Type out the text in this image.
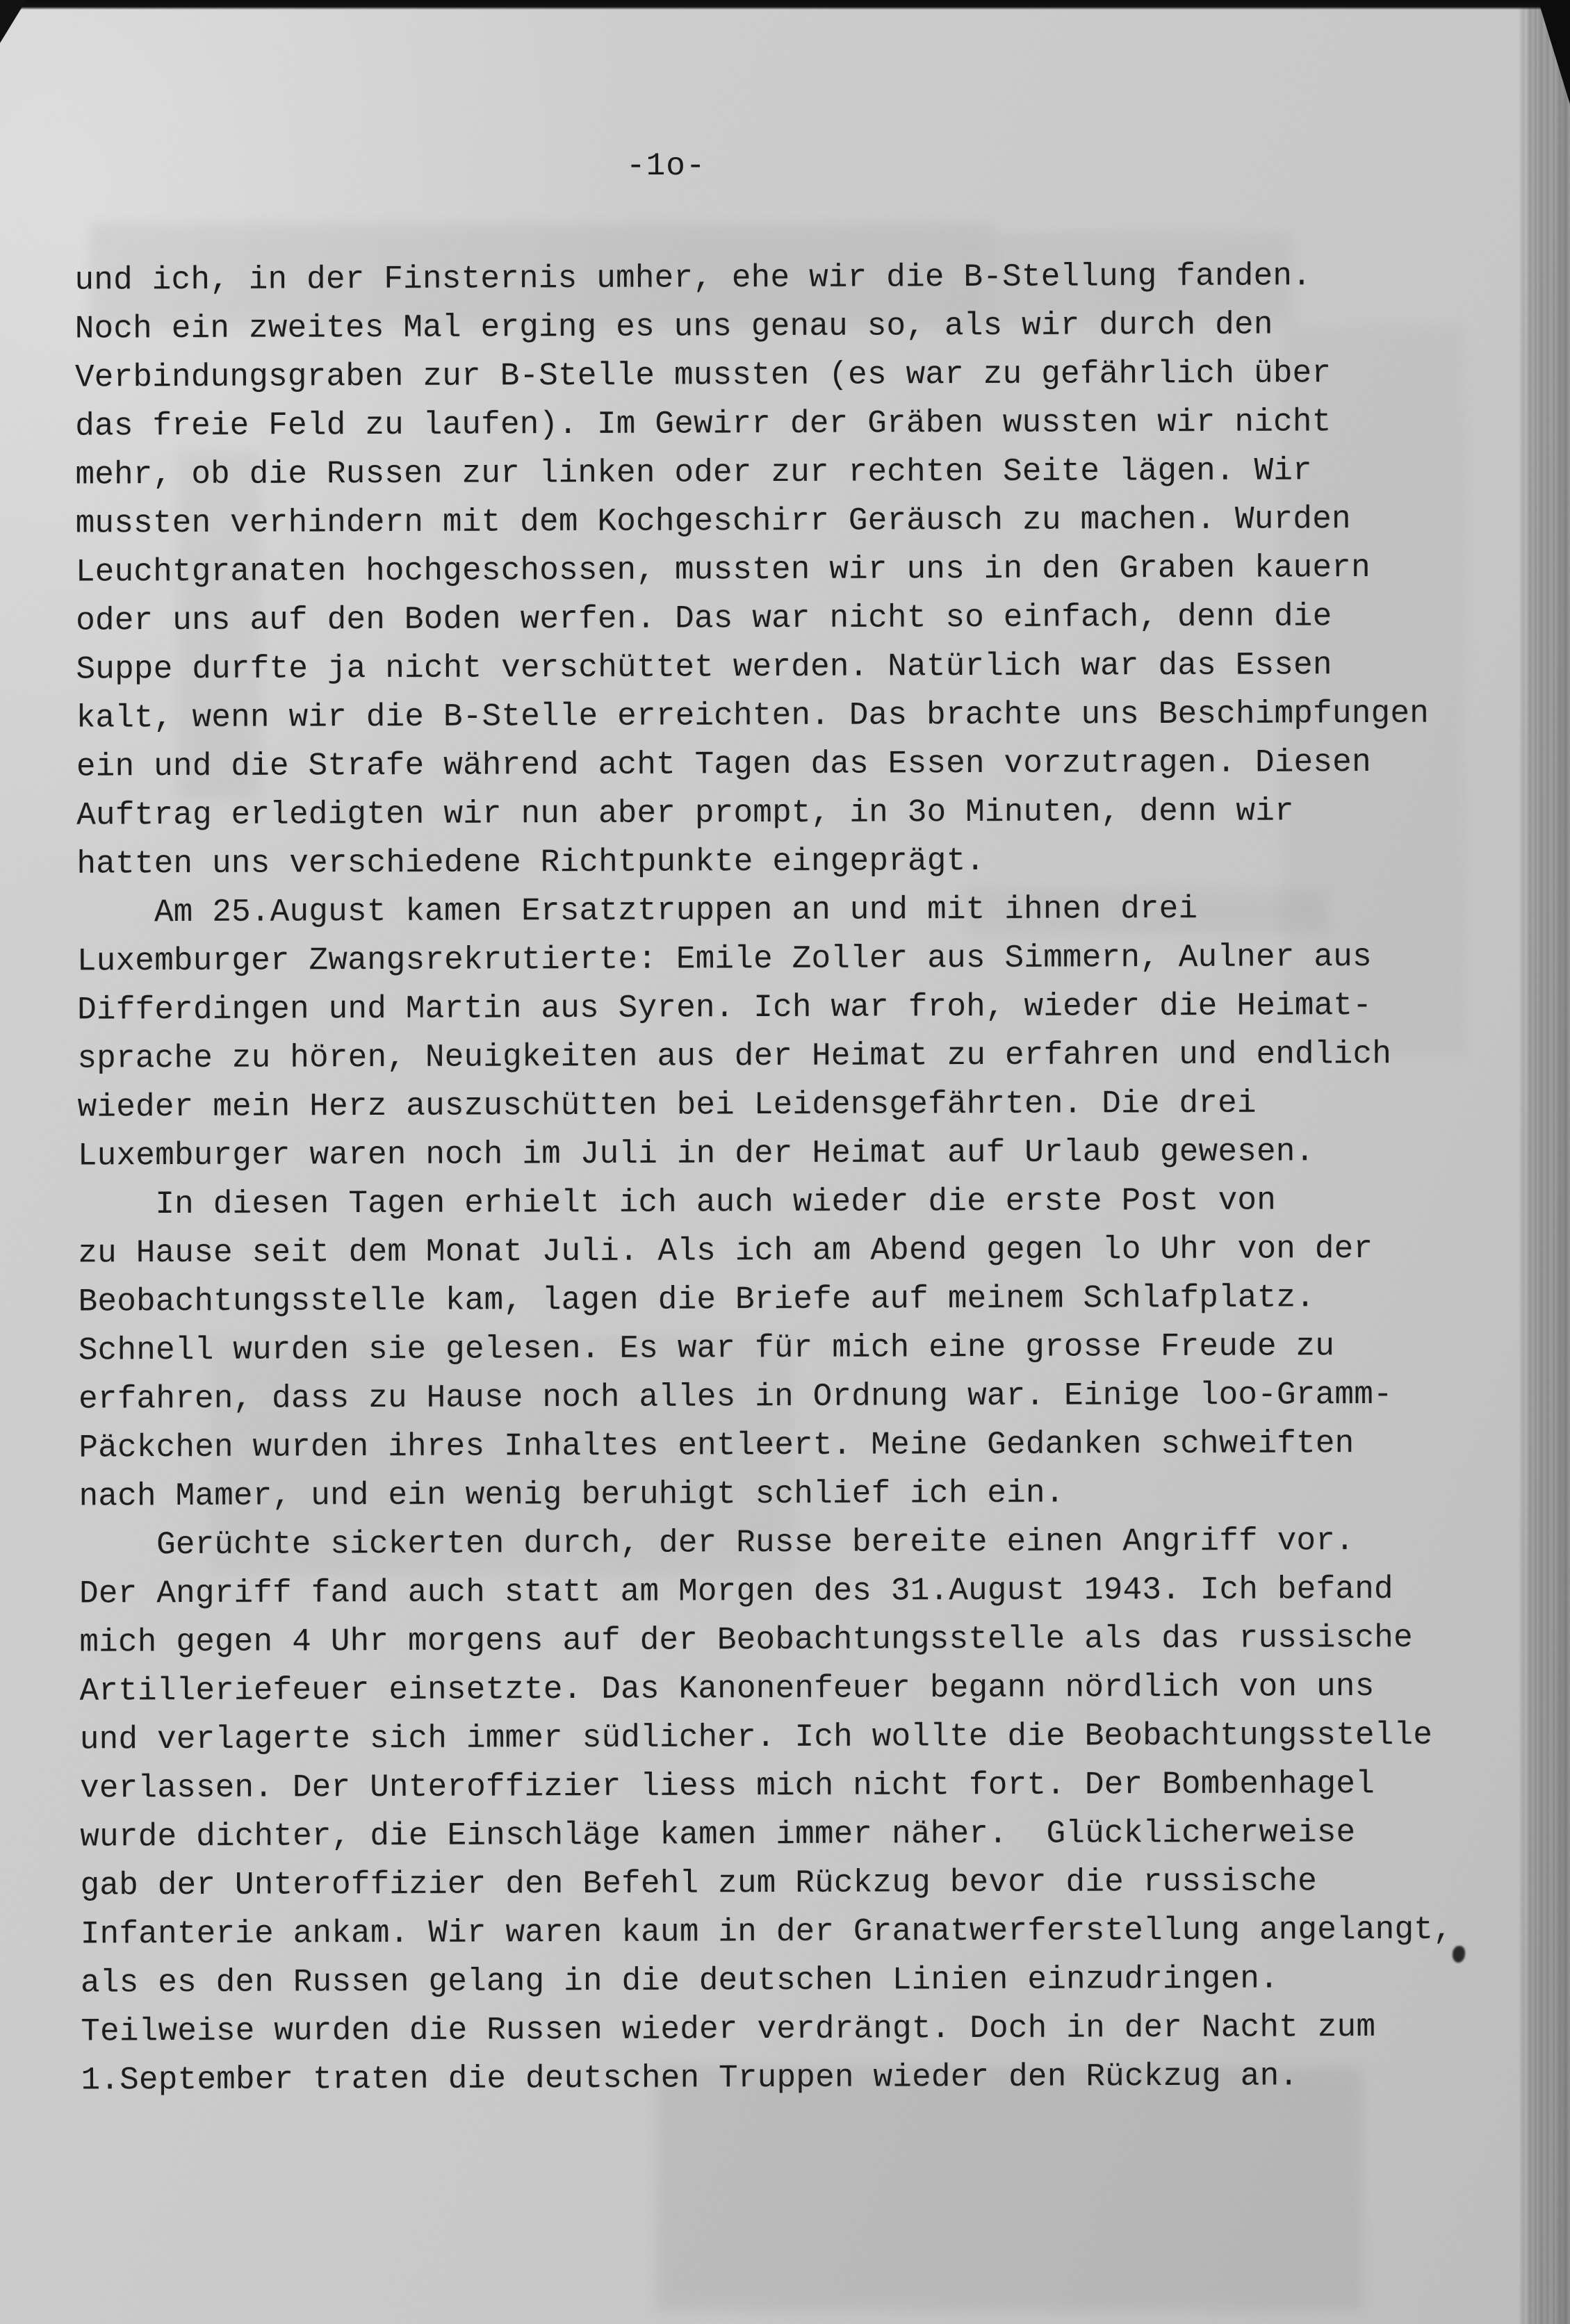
-1o-
und ich, in der Finsternis umher, ehe wir die B-Stellung fanden.
Noch ein zweites Mal erging es uns genau so, als wir durch den
Verbindungsgraben zur B-Stelle mussten (es war zu gefährlich über
das freie Feld zu laufen). Im Gewirr der Gräben wussten wir nicht
mehr, ob die Russen zur linken oder zur rechten Seite lägen. Wir
mussten verhindern mit dem Kochgeschirr Geräusch zu machen. Wurden
Leuchtgranaten hochgeschossen, mussten wir uns in den Graben kauern
oder uns auf den Boden werfen. Das war nicht so einfach, denn die
Suppe durfte ja nicht verschüttet werden. Natürlich war das Essen
kalt, wenn wir die B-Stelle erreichten. Das brachte uns Beschimpfungen
ein und die Strafe während acht Tagen das Essen vorzutragen. Diesen
Auftrag erledigten wir nun aber prompt, in 3o Minuten, denn wir
hatten uns verschiedene Richtpunkte eingeprägt.
Am 25.August kamen Ersatztruppen an und mit ihnen drei
Luxemburger Zwangsrekrutierte: Emile Zoller aus Simmern, Aulner aus
Differdingen und Martin aus Syren. Ich war froh, wieder die Heimat-
sprache zu hören, Neuigkeiten aus der Heimat zu erfahren und endlich
wieder mein Herz auszuschütten bei Leidensgefährten. Die drei
Luxemburger waren noch im Juli in der Heimat auf Urlaub gewesen.
In diesen Tagen erhielt ich auch wieder die erste Post von
zu Hause seit dem Monat Juli. Als ich am Abend gegen lo Uhr von der
Beobachtungsstelle kam, lagen die Briefe auf meinem Schlafplatz.
Schnell wurden sie gelesen. Es war für mich eine grosse Freude zu
erfahren, dass zu Hause noch alles in Ordnung war. Einige loo-Gramm-
Päckchen wurden ihres Inhaltes entleert. Meine Gedanken schweiften
nach Mamer, und ein wenig beruhigt schlief ich ein.
Gerüchte sickerten durch, der Russe bereite einen Angriff vor.
Der Angriff fand auch statt am Morgen des 31.August 1943. Ich befand
mich gegen 4 Uhr morgens auf der Beobachtungsstelle als das russische
Artilleriefeuer einsetzte. Das Kanonenfeuer begann nördlich von uns
und verlagerte sich immer südlicher. Ich wollte die Beobachtungsstelle
verlassen. Der Unteroffizier liess mich nicht fort. Der Bombenhagel
wurde dichter, die Einschläge kamen immer näher.  Glücklicherweise
gab der Unteroffizier den Befehl zum Rückzug bevor die russische
Infanterie ankam. Wir waren kaum in der Granatwerferstellung angelangt,
als es den Russen gelang in die deutschen Linien einzudringen.
Teilweise wurden die Russen wieder verdrängt. Doch in der Nacht zum
1.September traten die deutschen Truppen wieder den Rückzug an.
